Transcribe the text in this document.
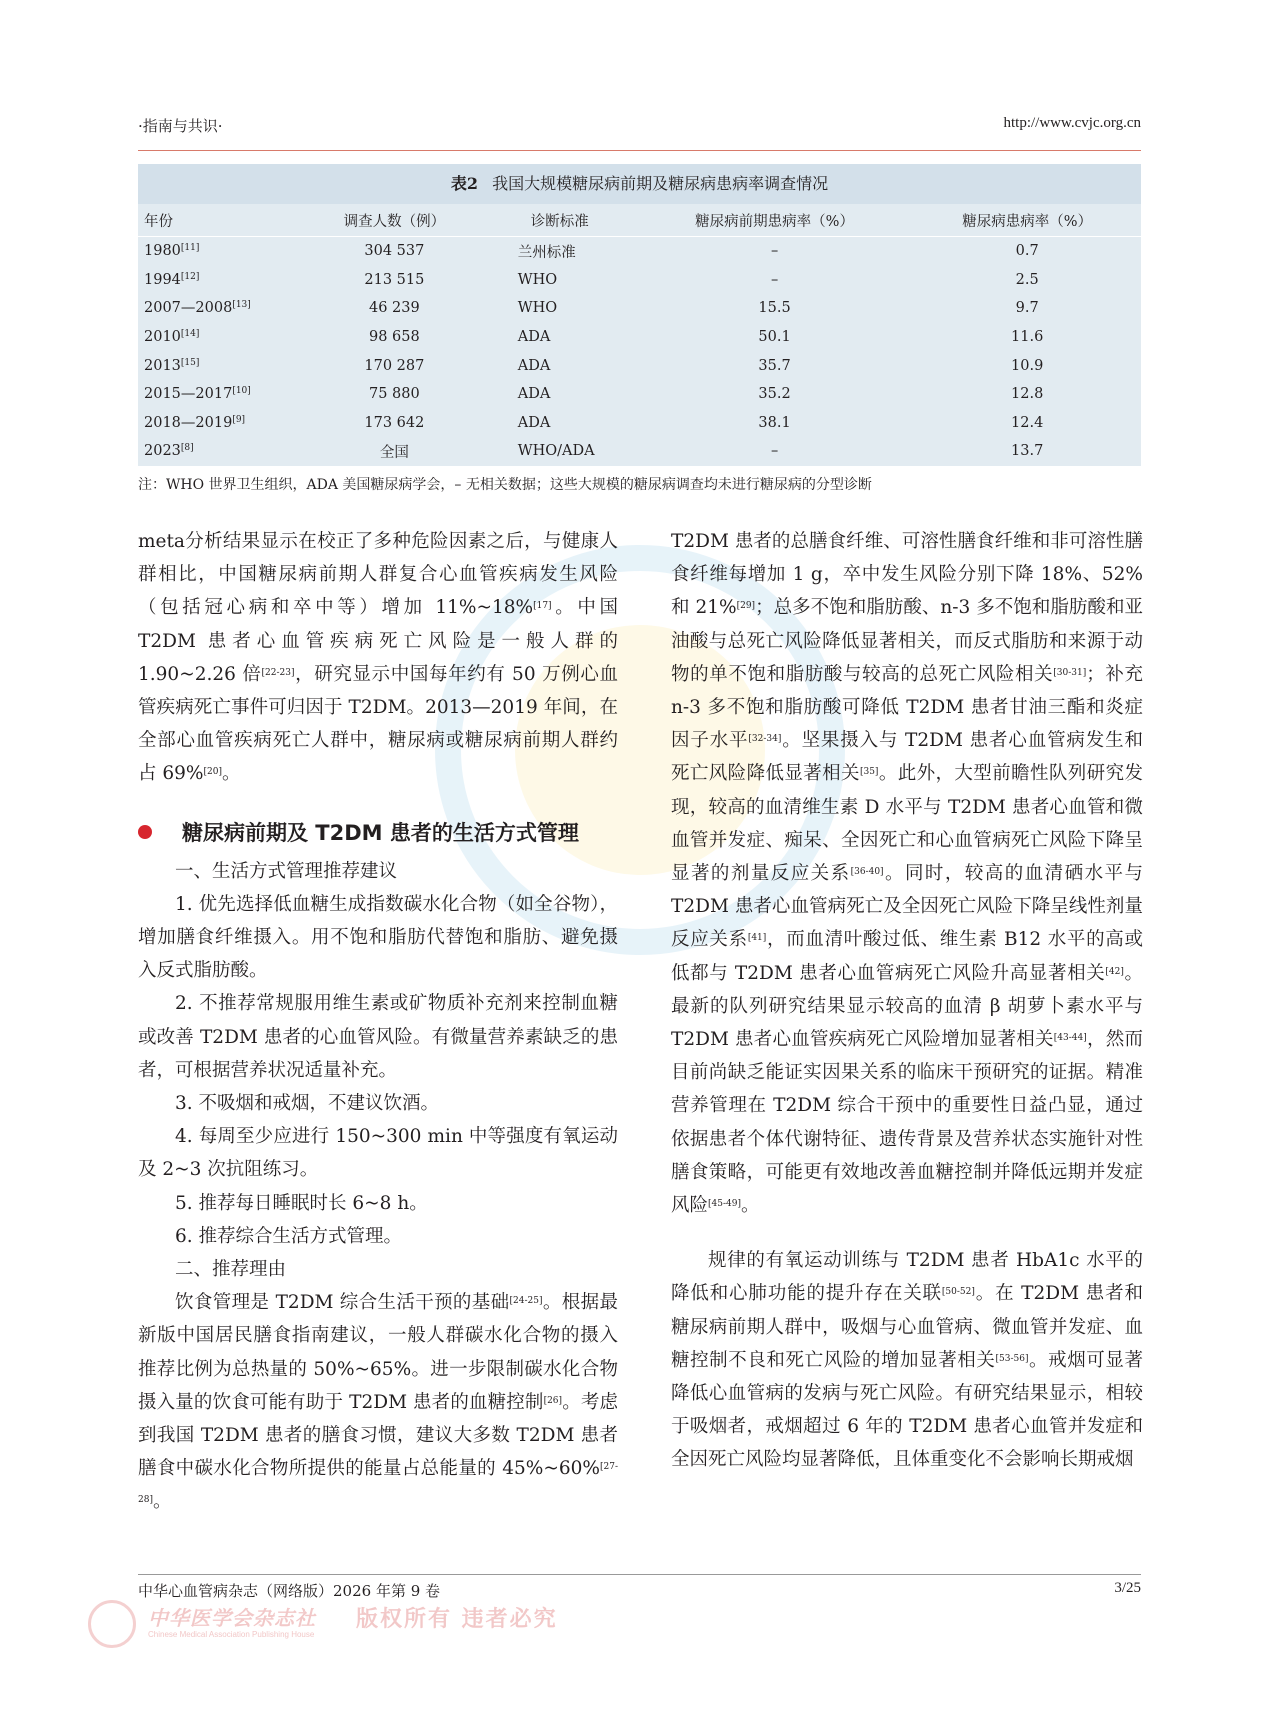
·指南与共识·	http://www.cvjc.org.cn
表2 我国大规模糖尿病前期及糖尿病患病率调查情况
年份	调查人数（例）	诊断标准	糖尿病前期患病率（%）	糖尿病患病率（%）
1980[11]	304 537	兰州标准	–	0.7
1994[12]	213 515	WHO	–	2.5
2007—2008[13]	46 239	WHO	15.5	9.7
2010[14]	98 658	ADA	50.1	11.6
2013[15]	170 287	ADA	35.7	10.9
2015—2017[10]	75 880	ADA	35.2	12.8
2018—2019[9]	173 642	ADA	38.1	12.4
2023[8]	全国	WHO/ADA	–	13.7
注：WHO 世界卫生组织，ADA 美国糖尿病学会，– 无相关数据；这些大规模的糖尿病调查均未进行糖尿病的分型诊断

meta分析结果显示在校正了多种危险因素之后，与健康人群相比，中国糖尿病前期人群复合心血管疾病发生风险（包括冠心病和卒中等）增加 11%~18%[17]。中国 T2DM 患者心血管疾病死亡风险是一般人群的 1.90~2.26 倍[22-23]，研究显示中国每年约有 50 万例心血管疾病死亡事件可归因于 T2DM。2013—2019 年间，在全部心血管疾病死亡人群中，糖尿病或糖尿病前期人群约占 69%[20]。

糖尿病前期及 T2DM 患者的生活方式管理

一、生活方式管理推荐建议

1. 优先选择低血糖生成指数碳水化合物（如全谷物），增加膳食纤维摄入。用不饱和脂肪代替饱和脂肪、避免摄入反式脂肪酸。

2. 不推荐常规服用维生素或矿物质补充剂来控制血糖或改善 T2DM 患者的心血管风险。有微量营养素缺乏的患者，可根据营养状况适量补充。

3. 不吸烟和戒烟，不建议饮酒。

4. 每周至少应进行 150~300 min 中等强度有氧运动及 2~3 次抗阻练习。

5. 推荐每日睡眠时长 6~8 h。

6. 推荐综合生活方式管理。

二、推荐理由

饮食管理是 T2DM 综合生活干预的基础[24-25]。根据最新版中国居民膳食指南建议，一般人群碳水化合物的摄入推荐比例为总热量的 50%~65%。进一步限制碳水化合物摄入量的饮食可能有助于 T2DM 患者的血糖控制[26]。考虑到我国 T2DM 患者的膳食习惯，建议大多数 T2DM 患者膳食中碳水化合物所提供的能量占总能量的 45%~60%[27-28]。

T2DM 患者的总膳食纤维、可溶性膳食纤维和非可溶性膳食纤维每增加 1 g，卒中发生风险分别下降 18%、52% 和 21%[29]；总多不饱和脂肪酸、n-3 多不饱和脂肪酸和亚油酸与总死亡风险降低显著相关，而反式脂肪和来源于动物的单不饱和脂肪酸与较高的总死亡风险相关[30-31]；补充 n-3 多不饱和脂肪酸可降低 T2DM 患者甘油三酯和炎症因子水平[32-34]。坚果摄入与 T2DM 患者心血管病发生和死亡风险降低显著相关[35]。此外，大型前瞻性队列研究发现，较高的血清维生素 D 水平与 T2DM 患者心血管和微血管并发症、痴呆、全因死亡和心血管病死亡风险下降呈显著的剂量反应关系[36-40]。同时，较高的血清硒水平与 T2DM 患者心血管病死亡及全因死亡风险下降呈线性剂量反应关系[41]，而血清叶酸过低、维生素 B12 水平的高或低都与 T2DM 患者心血管病死亡风险升高显著相关[42]。最新的队列研究结果显示较高的血清 β 胡萝卜素水平与 T2DM 患者心血管疾病死亡风险增加显著相关[43-44]，然而目前尚缺乏能证实因果关系的临床干预研究的证据。精准营养管理在 T2DM 综合干预中的重要性日益凸显，通过依据患者个体代谢特征、遗传背景及营养状态实施针对性膳食策略，可能更有效地改善血糖控制并降低远期并发症风险[45-49]。

规律的有氧运动训练与 T2DM 患者 HbA1c 水平的降低和心肺功能的提升存在关联[50-52]。在 T2DM 患者和糖尿病前期人群中，吸烟与心血管病、微血管并发症、血糖控制不良和死亡风险的增加显著相关[53-56]。戒烟可显著降低心血管病的发病与死亡风险。有研究结果显示，相较于吸烟者，戒烟超过 6 年的 T2DM 患者心血管并发症和全因死亡风险均显著降低，且体重变化不会影响长期戒烟

中华心血管病杂志（网络版）2026 年第 9 卷	3/25
中华医学会杂志社
Chinese Medical Association Publishing House
版权所有 违者必究
